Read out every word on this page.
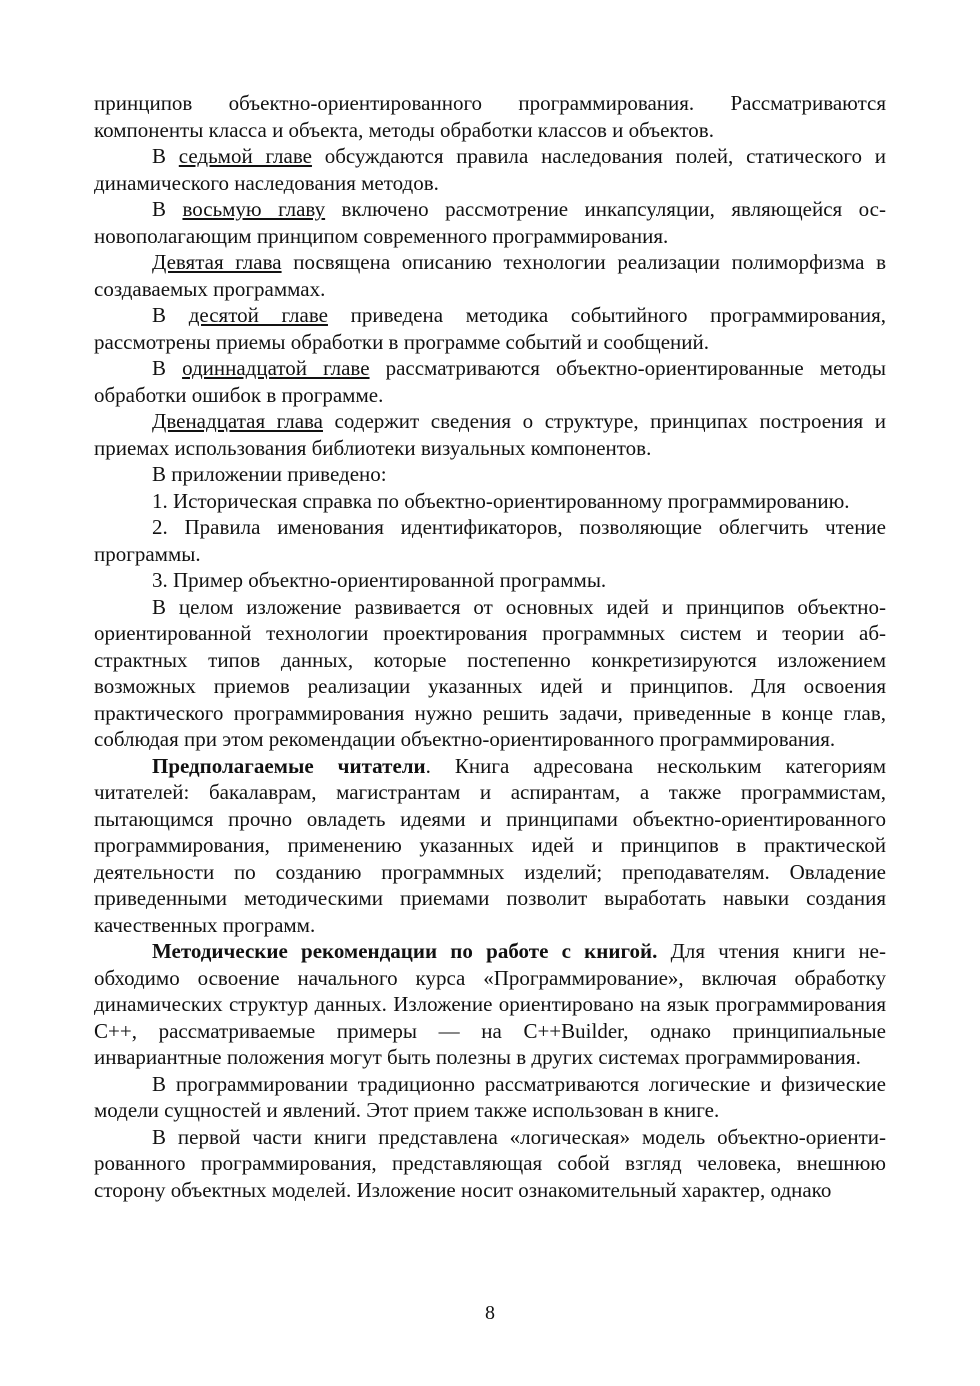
принципов объектно-ориентированного программирования. Рассматриваются компоненты класса и объекта, методы обработки классов и объектов.

В седьмой главе обсуждаются правила наследования полей, статического и динамического наследования методов.

В восьмую главу включено рассмотрение инкапсуляции, являющейся основополагающим принципом современного программирования.

Девятая глава посвящена описанию технологии реализации полиморфизма в создаваемых программах.

В десятой главе приведена методика событийного программирования, рассмотрены приемы обработки в программе событий и сообщений.

В одиннадцатой главе рассматриваются объектно-ориентированные методы обработки ошибок в программе.

Двенадцатая глава содержит сведения о структуре, принципах построения и приемах использования библиотеки визуальных компонентов.

В приложении приведено:

1. Историческая справка по объектно-ориентированному программированию.

2. Правила именования идентификаторов, позволяющие облегчить чтение программы.

3. Пример объектно-ориентированной программы.

В целом изложение развивается от основных идей и принципов объектно-ориентированной технологии проектирования программных систем и теории абстрактных типов данных, которые постепенно конкретизируются изложением возможных приемов реализации указанных идей и принципов. Для освоения практического программирования нужно решить задачи, приведенные в конце глав, соблюдая при этом рекомендации объектно-ориентированного программирования.

Предполагаемые читатели. Книга адресована нескольким категориям читателей: бакалаврам, магистрантам и аспирантам, а также программистам, пытающимся прочно овладеть идеями и принципами объектно-ориентированного программирования, применению указанных идей и принципов в практической деятельности по созданию программных изделий; преподавателям. Овладение приведенными методическими приемами позволит выработать навыки создания качественных программ.

Методические рекомендации по работе с книгой. Для чтения книги необходимо освоение начального курса «Программирование», включая обработку динамических структур данных. Изложение ориентировано на язык программирования C++, рассматриваемые примеры — на C++Builder, однако принципиальные инвариантные положения могут быть полезны в других системах программирования.

В программировании традиционно рассматриваются логические и физические модели сущностей и явлений. Этот прием также использован в книге.

В первой части книги представлена «логическая» модель объектно-ориентированного программирования, представляющая собой взгляд человека, внешнюю сторону объектных моделей. Изложение носит ознакомительный характер, однако

8
